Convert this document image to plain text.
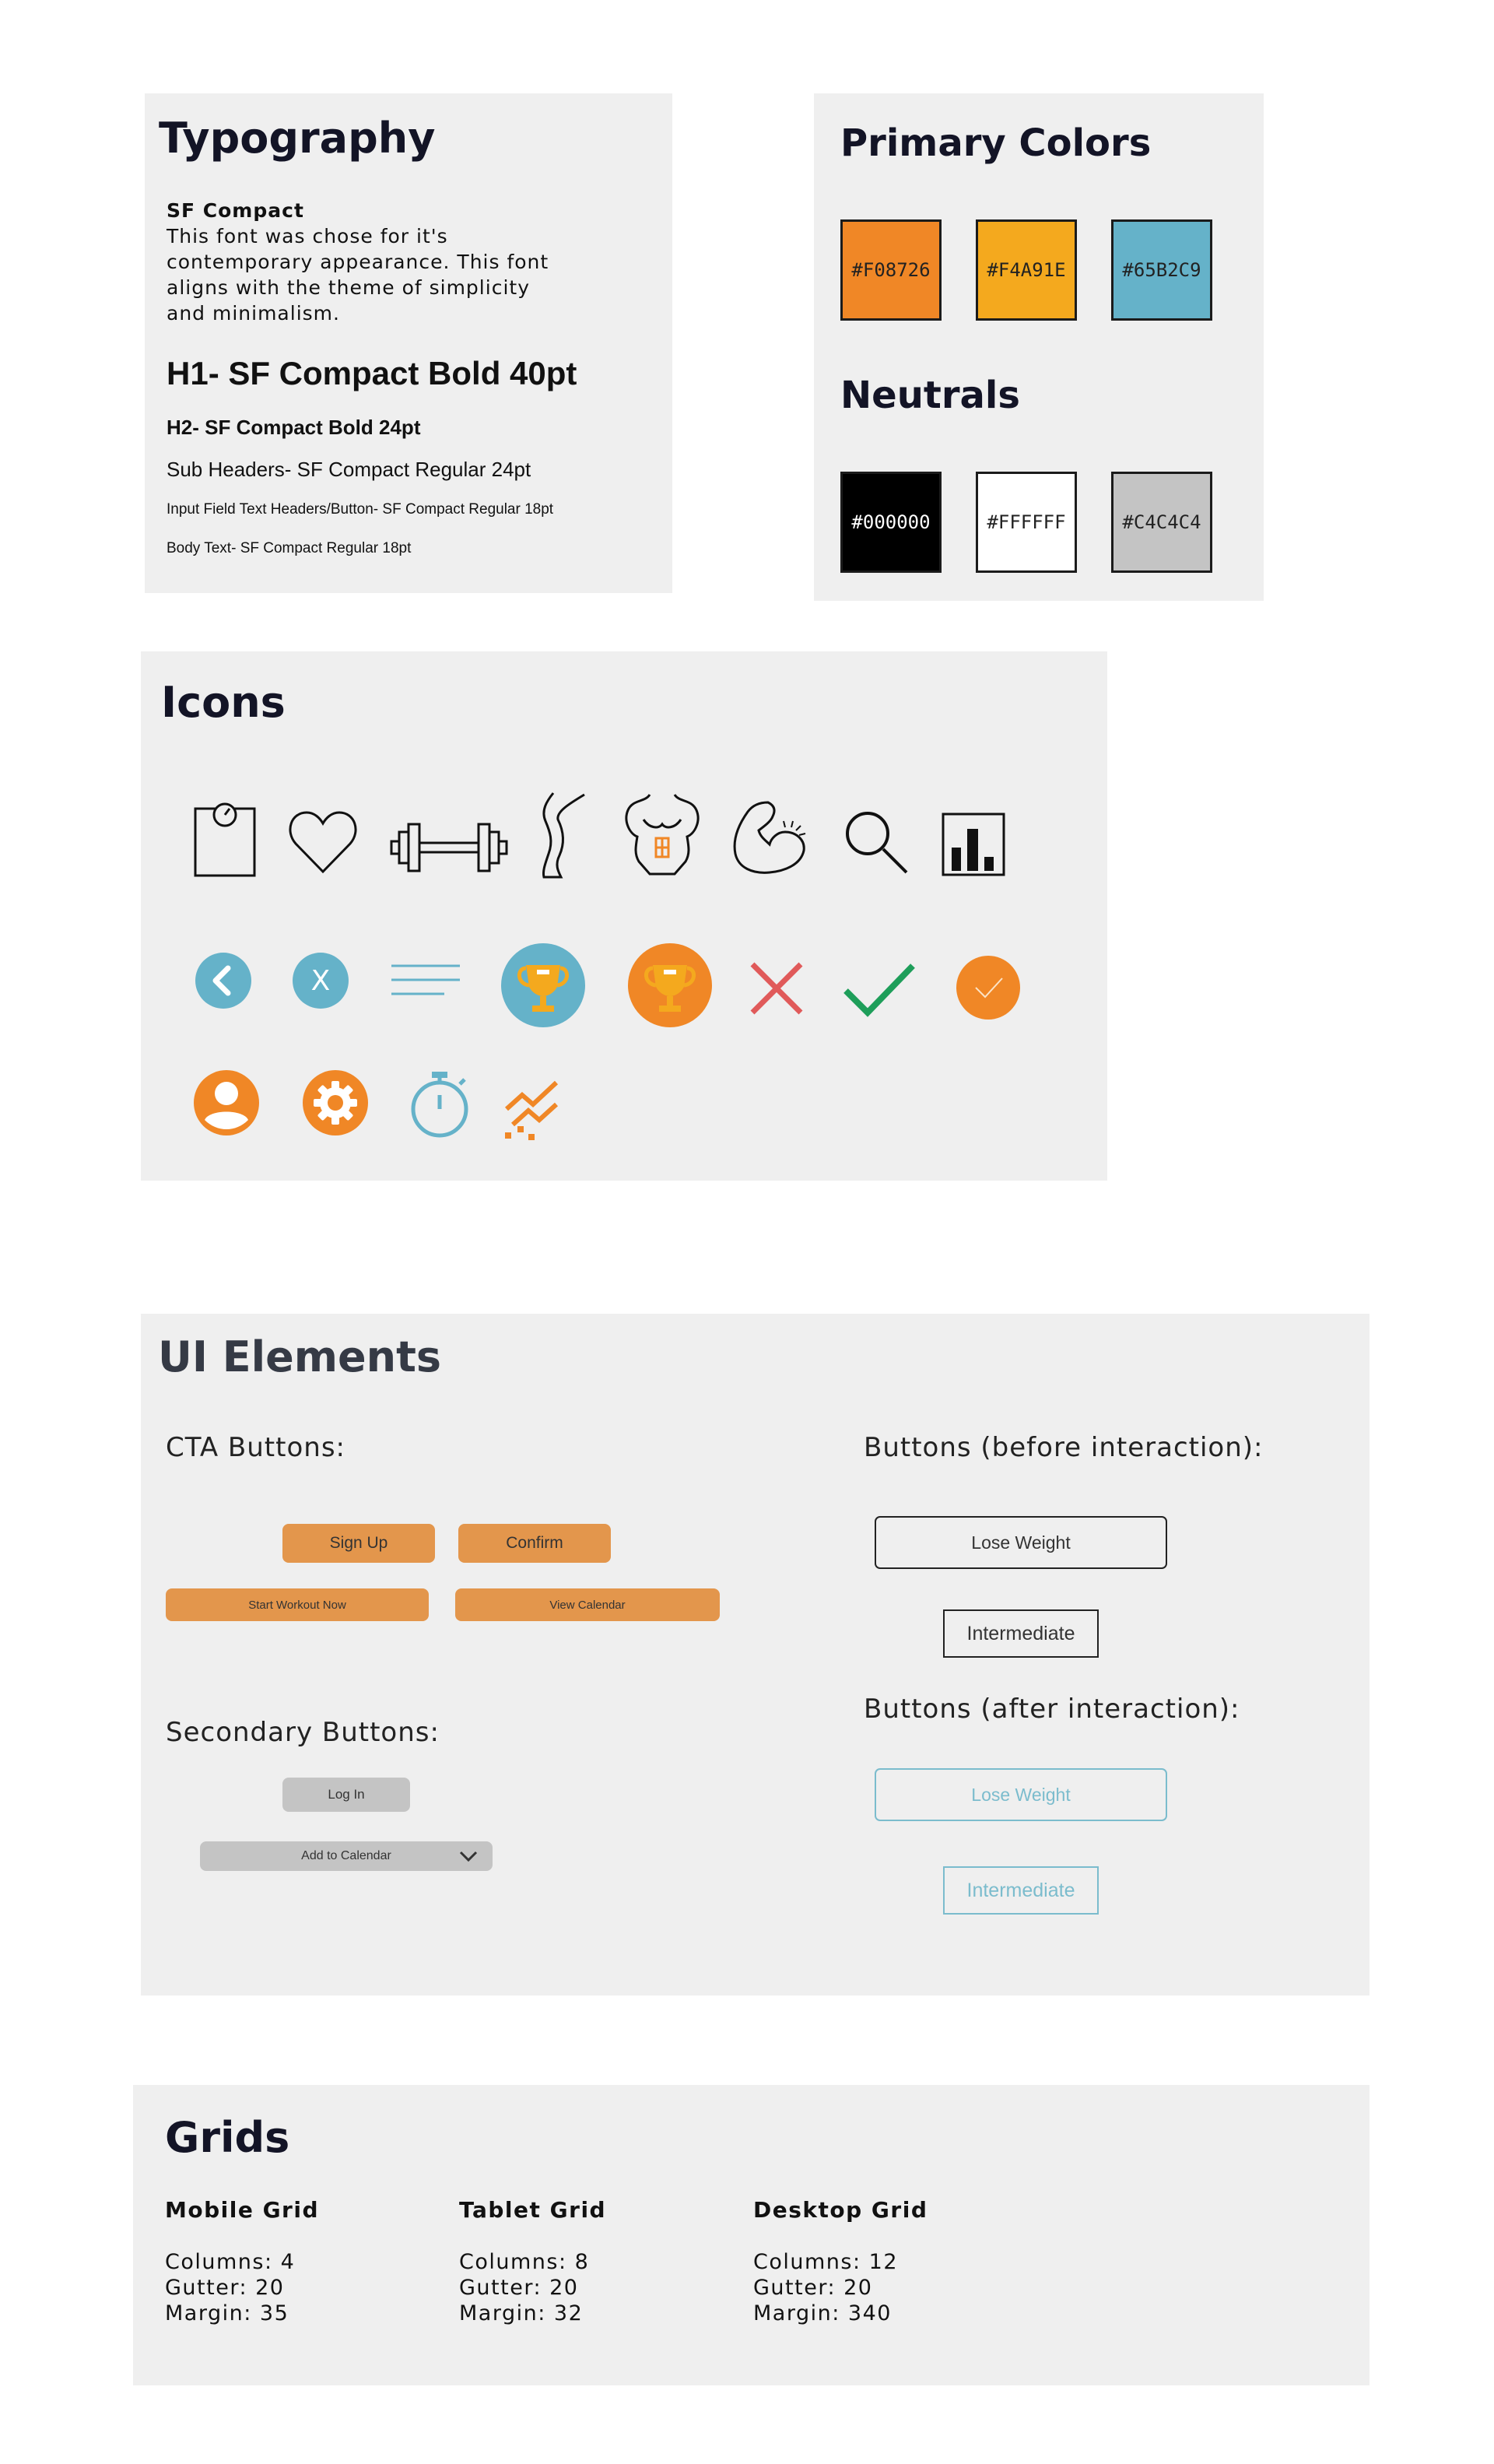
Typography
SF Compact
This font was chose for it's contemporary appearance. This font aligns with the theme of simplicity and minimalism.
H1- SF Compact Bold 40pt
H2- SF Compact Bold 24pt
Sub Headers- SF Compact Regular 24pt
Input Field Text Headers/Button- SF Compact Regular 18pt
Body Text- SF Compact Regular 18pt
Primary Colors
#F08726	#F4A91E	#65B2C9
Neutrals
#000000	#FFFFFF	#C4C4C4
Icons
X
UI Elements
CTA Buttons:
Sign Up	Confirm
Start Workout Now	View Calendar
Secondary Buttons:
Log In
Add to Calendar
Buttons (before interaction):
Lose Weight
Intermediate
Buttons (after interaction):
Lose Weight
Intermediate
Grids
Mobile Grid
Columns: 4
Gutter: 20
Margin: 35
Tablet Grid
Columns: 8
Gutter: 20
Margin: 32
Desktop Grid
Columns: 12
Gutter: 20
Margin: 340
